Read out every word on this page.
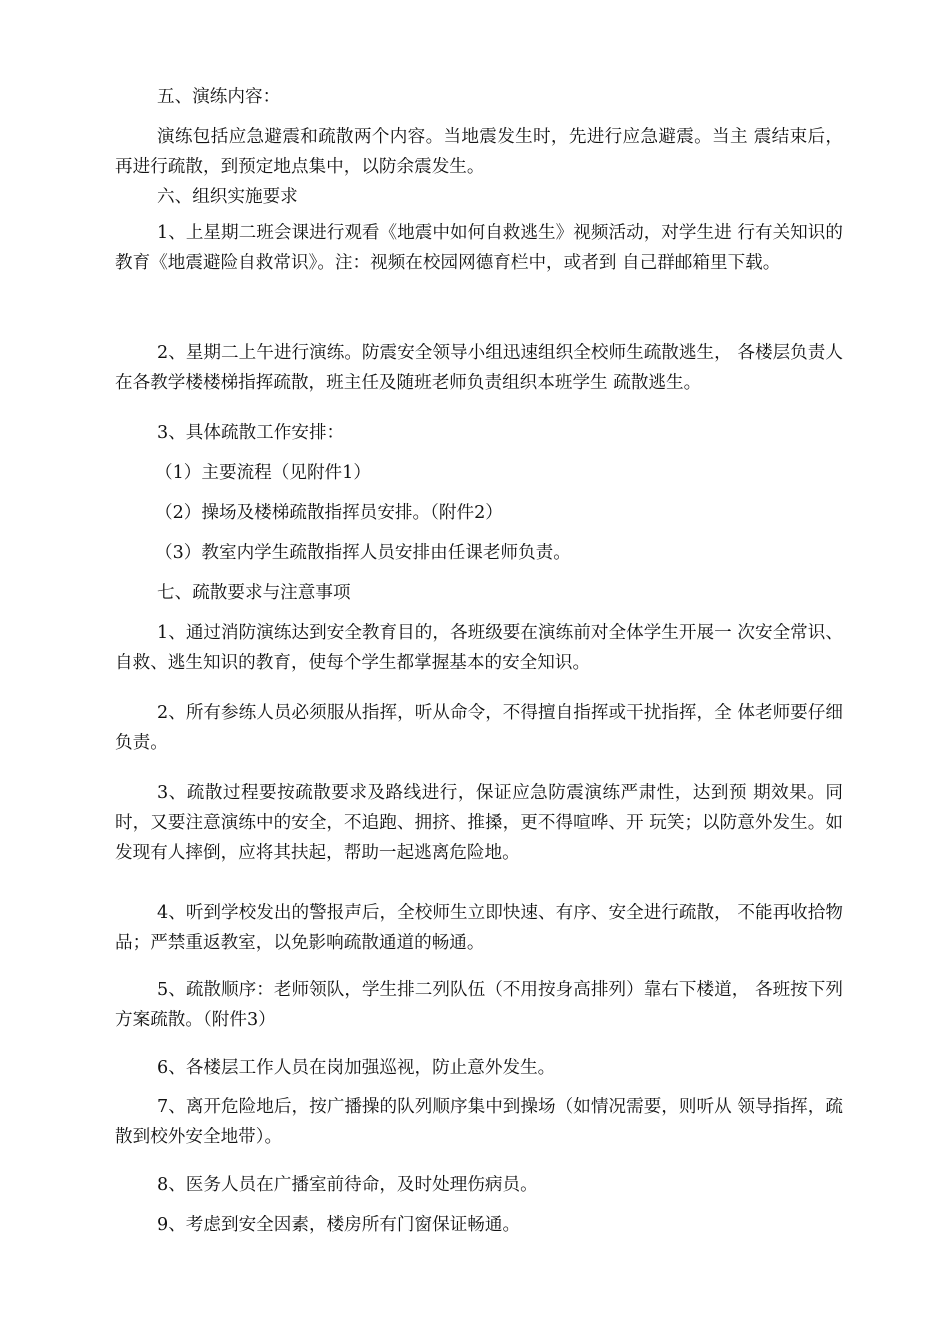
五、演练内容：

演练包括应急避震和疏散两个内容。当地震发生时，先进行应急避震。当主 震结束后，再进行疏散，到预定地点集中，以防余震发生。

六、组织实施要求

1、上星期二班会课进行观看《地震中如何自救逃生》视频活动，对学生进 行有关知识的教育《地震避险自救常识》。注：视频在校园网德育栏中，或者到 自己群邮箱里下载。

2、星期二上午进行演练。防震安全领导小组迅速组织全校师生疏散逃生， 各楼层负责人在各教学楼楼梯指挥疏散，班主任及随班老师负责组织本班学生 疏散逃生。

3、具体疏散工作安排：

（1）主要流程（见附件1）

（2）操场及楼梯疏散指挥员安排。（附件2）

（3）教室内学生疏散指挥人员安排由任课老师负责。

七、疏散要求与注意事项

1、通过消防演练达到安全教育目的，各班级要在演练前对全体学生开展一 次安全常识、自救、逃生知识的教育，使每个学生都掌握基本的安全知识。

2、所有参练人员必须服从指挥，听从命令，不得擅自指挥或干扰指挥，全 体老师要仔细负责。

3、疏散过程要按疏散要求及路线进行，保证应急防震演练严肃性，达到预 期效果。同时，又要注意演练中的安全，不追跑、拥挤、推搡，更不得喧哗、开 玩笑；以防意外发生。如发现有人摔倒，应将其扶起，帮助一起逃离危险地。

4、听到学校发出的警报声后，全校师生立即快速、有序、安全进行疏散， 不能再收拾物品；严禁重返教室，以免影响疏散通道的畅通。

5、疏散顺序：老师领队，学生排二列队伍（不用按身高排列）靠右下楼道， 各班按下列方案疏散。（附件3）

6、各楼层工作人员在岗加强巡视，防止意外发生。

7、离开危险地后，按广播操的队列顺序集中到操场（如情况需要，则听从 领导指挥，疏散到校外安全地带）。

8、医务人员在广播室前待命，及时处理伤病员。

9、考虑到安全因素，楼房所有门窗保证畅通。
